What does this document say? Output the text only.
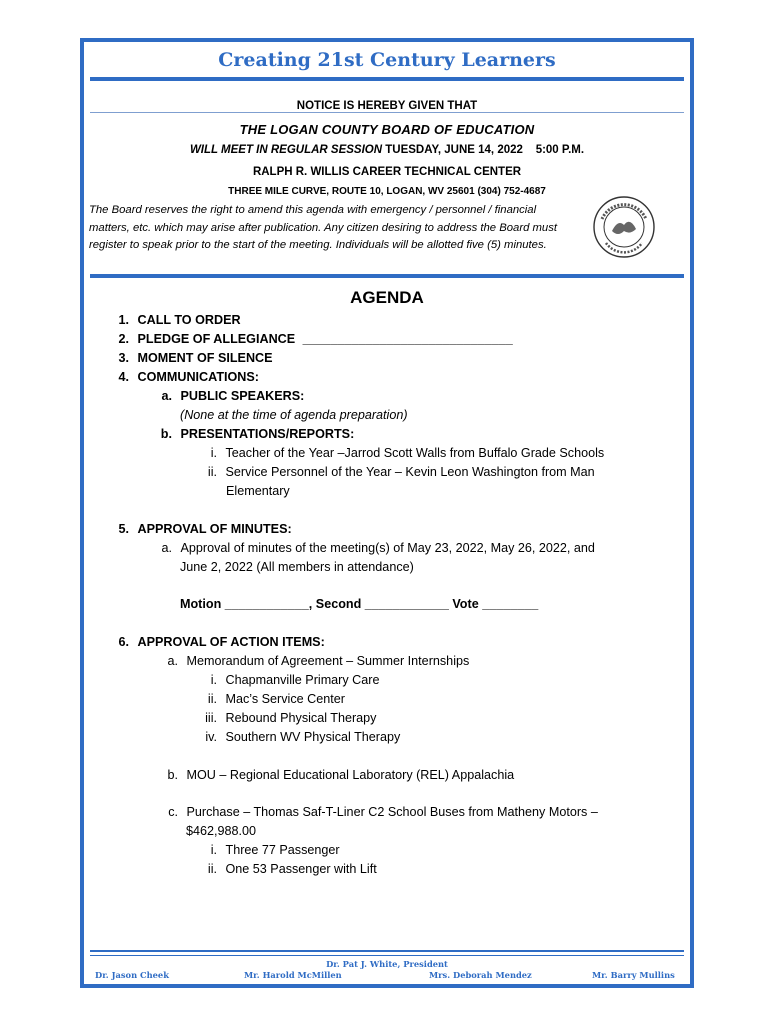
Creating 21st Century Learners
NOTICE IS HEREBY GIVEN THAT
THE LOGAN COUNTY BOARD OF EDUCATION
WILL MEET IN REGULAR SESSION TUESDAY, JUNE 14, 2022 5:00 P.M.
RALPH R. WILLIS CAREER TECHNICAL CENTER
THREE MILE CURVE, ROUTE 10, LOGAN, WV 25601 (304) 752-4687
The Board reserves the right to amend this agenda with emergency / personnel / financial matters, etc. which may arise after publication. Any citizen desiring to address the Board must register to speak prior to the start of the meeting. Individuals will be allotted five (5) minutes.
AGENDA
1. CALL TO ORDER
2. PLEDGE OF ALLEGIANCE ______________________________
3. MOMENT OF SILENCE
4. COMMUNICATIONS:
a. PUBLIC SPEAKERS:
(None at the time of agenda preparation)
b. PRESENTATIONS/REPORTS:
i. Teacher of the Year –Jarrod Scott Walls from Buffalo Grade Schools
ii. Service Personnel of the Year – Kevin Leon Washington from Man
Elementary
5. APPROVAL OF MINUTES:
a. Approval of minutes of the meeting(s) of May 23, 2022, May 26, 2022, and
June 2, 2022 (All members in attendance)
Motion ____________, Second ____________ Vote ________
6. APPROVAL OF ACTION ITEMS:
a. Memorandum of Agreement – Summer Internships
i. Chapmanville Primary Care
ii. Mac’s Service Center
iii. Rebound Physical Therapy
iv. Southern WV Physical Therapy
b. MOU – Regional Educational Laboratory (REL) Appalachia
c. Purchase – Thomas Saf-T-Liner C2 School Buses from Matheny Motors –
$462,988.00
i. Three 77 Passenger
ii. One 53 Passenger with Lift
Dr. Pat J. White, President
Dr. Jason Cheek	Mr. Harold McMillen	Mrs. Deborah Mendez	Mr. Barry Mullins
